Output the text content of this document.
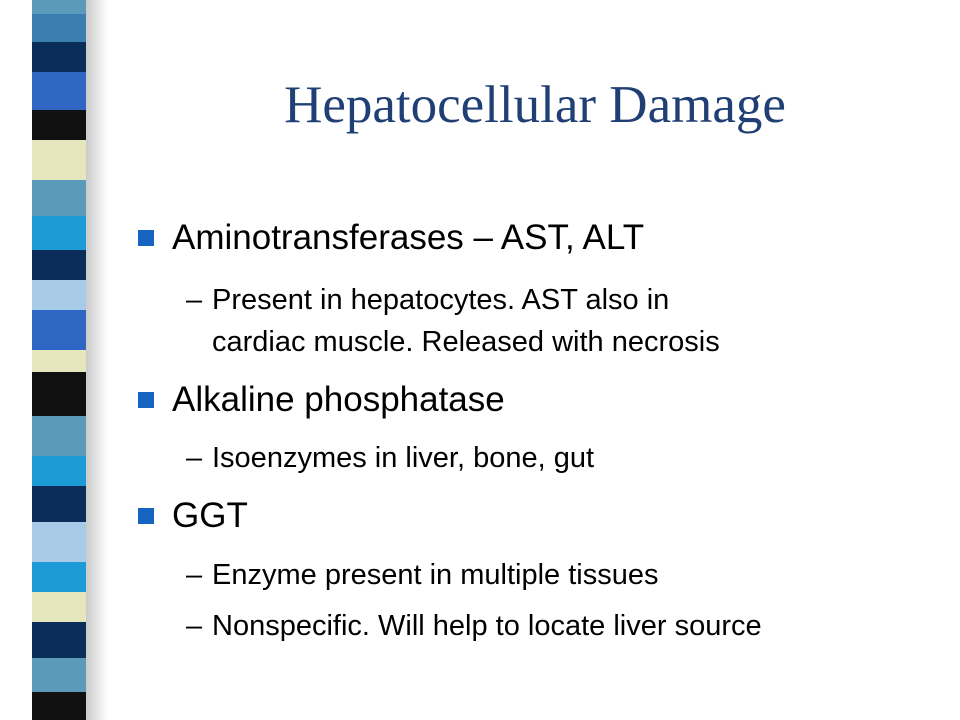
Hepatocellular Damage
Aminotransferases – AST, ALT
– Present in hepatocytes. AST also in
cardiac muscle. Released with necrosis
Alkaline phosphatase
– Isoenzymes in liver, bone, gut
GGT
– Enzyme present in multiple tissues
– Nonspecific. Will help to locate liver source
